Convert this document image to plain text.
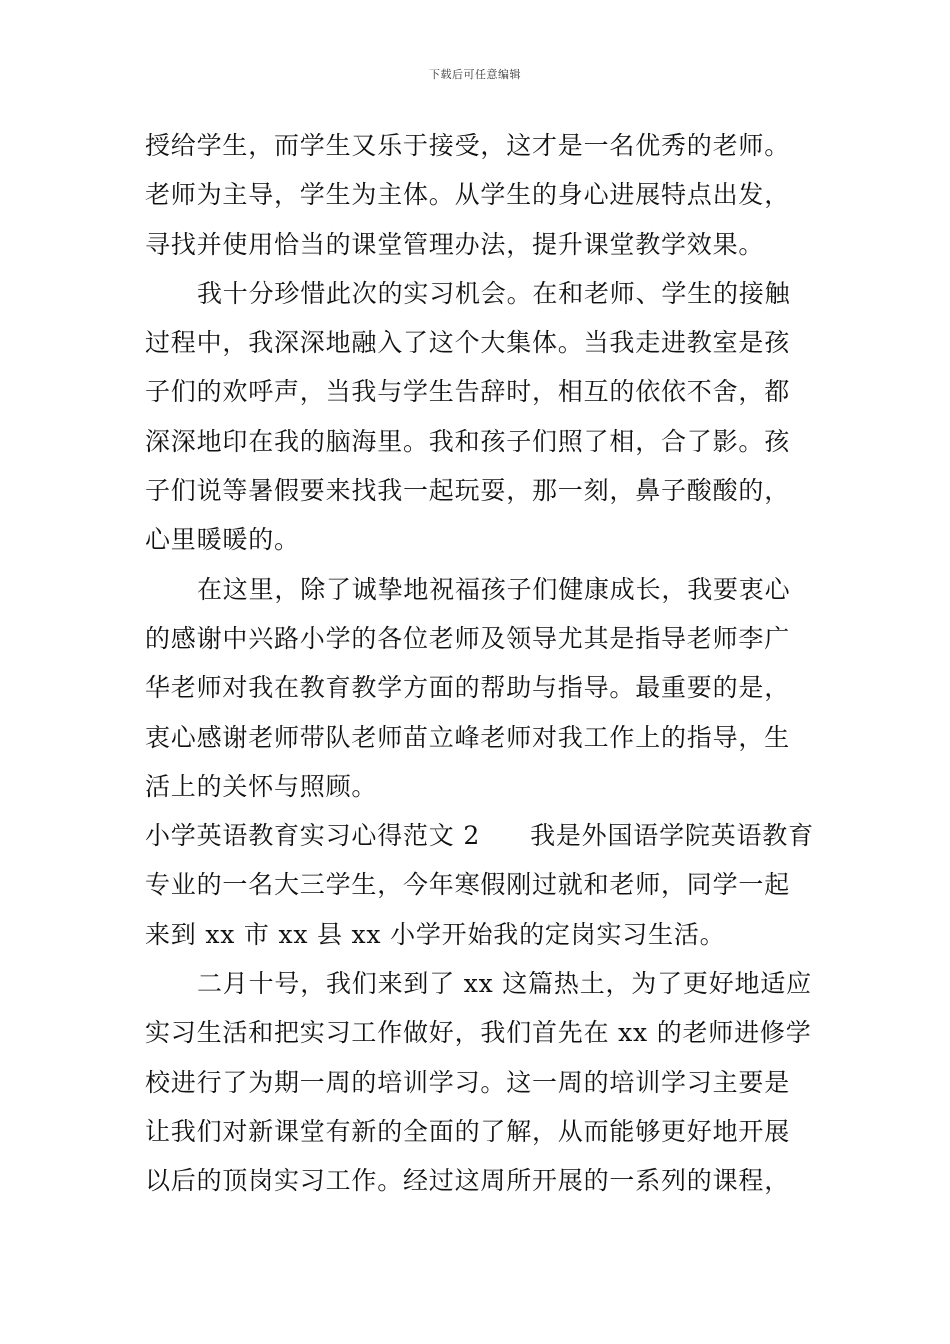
下载后可任意编辑
授给学生，而学生又乐于接受，这才是一名优秀的老师。
老师为主导，学生为主体。从学生的身心进展特点出发，
寻找并使用恰当的课堂管理办法，提升课堂教学效果。
我十分珍惜此次的实习机会。在和老师、学生的接触
过程中，我深深地融入了这个大集体。当我走进教室是孩
子们的欢呼声，当我与学生告辞时，相互的依依不舍，都
深深地印在我的脑海里。我和孩子们照了相，合了影。孩
子们说等暑假要来找我一起玩耍，那一刻，鼻子酸酸的，
心里暖暖的。
在这里，除了诚挚地祝福孩子们健康成长，我要衷心
的感谢中兴路小学的各位老师及领导尤其是指导老师李广
华老师对我在教育教学方面的帮助与指导。最重要的是，
衷心感谢老师带队老师苗立峰老师对我工作上的指导，生
活上的关怀与照顾。
小学英语教育实习心得范文 2 我是外国语学院英语教育
专业的一名大三学生，今年寒假刚过就和老师，同学一起
来到 xx 市 xx 县 xx 小学开始我的定岗实习生活。
二月十号，我们来到了 xx 这篇热土，为了更好地适应
实习生活和把实习工作做好，我们首先在 xx 的老师进修学
校进行了为期一周的培训学习。这一周的培训学习主要是
让我们对新课堂有新的全面的了解，从而能够更好地开展
以后的顶岗实习工作。经过这周所开展的一系列的课程，
